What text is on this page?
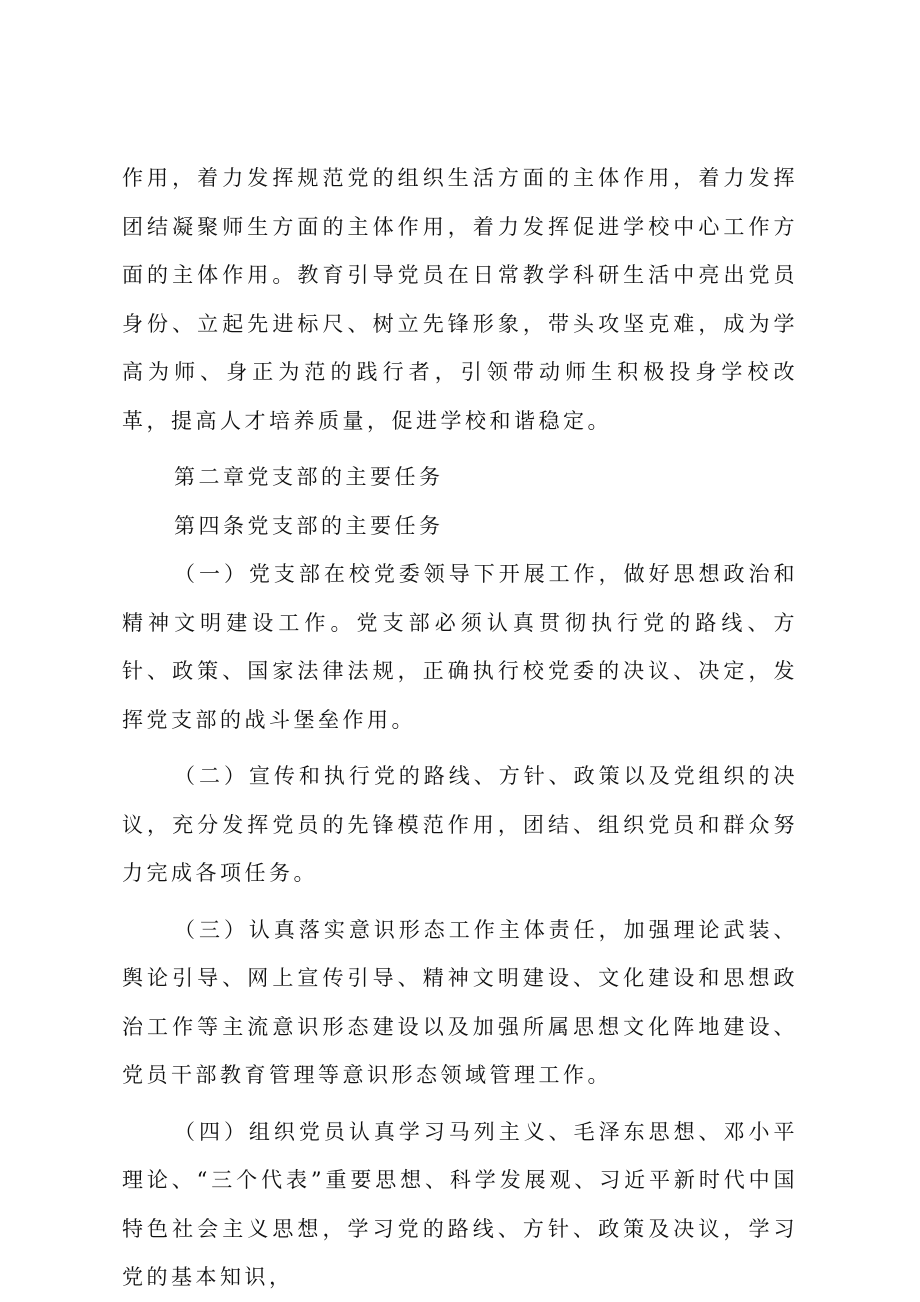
作用，着力发挥规范党的组织生活方面的主体作用，着力发挥团结凝聚师生方面的主体作用，着力发挥促进学校中心工作方面的主体作用。教育引导党员在日常教学科研生活中亮出党员身份、立起先进标尺、树立先锋形象，带头攻坚克难，成为学高为师、身正为范的践行者，引领带动师生积极投身学校改革，提高人才培养质量，促进学校和谐稳定。

第二章党支部的主要任务

第四条党支部的主要任务

（一）党支部在校党委领导下开展工作，做好思想政治和精神文明建设工作。党支部必须认真贯彻执行党的路线、方针、政策、国家法律法规，正确执行校党委的决议、决定，发挥党支部的战斗堡垒作用。

（二）宣传和执行党的路线、方针、政策以及党组织的决议，充分发挥党员的先锋模范作用，团结、组织党员和群众努力完成各项任务。

（三）认真落实意识形态工作主体责任，加强理论武装、舆论引导、网上宣传引导、精神文明建设、文化建设和思想政治工作等主流意识形态建设以及加强所属思想文化阵地建设、党员干部教育管理等意识形态领域管理工作。

（四）组织党员认真学习马列主义、毛泽东思想、邓小平理论、“三个代表”重要思想、科学发展观、习近平新时代中国特色社会主义思想，学习党的路线、方针、政策及决议，学习党的基本知识，
